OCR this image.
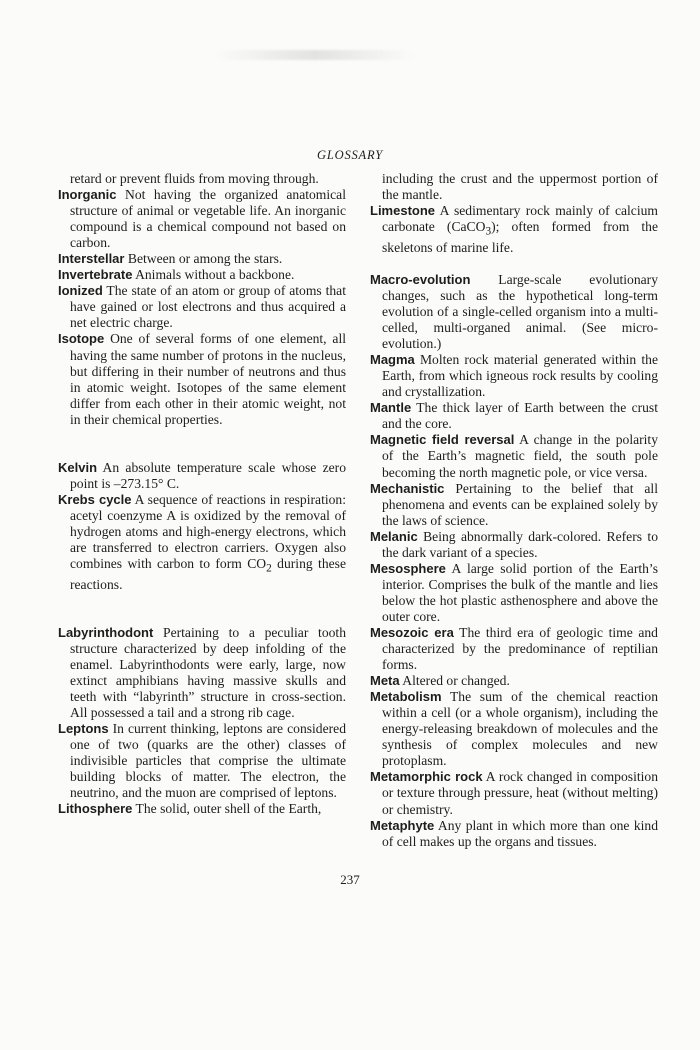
GLOSSARY
retard or prevent fluids from moving through.
Inorganic Not having the organized anatomical structure of animal or vegetable life. An inorganic compound is a chemical compound not based on carbon.
Interstellar Between or among the stars.
Invertebrate Animals without a backbone.
Ionized The state of an atom or group of atoms that have gained or lost electrons and thus acquired a net electric charge.
Isotope One of several forms of one element, all having the same number of protons in the nucleus, but differing in their number of neutrons and thus in atomic weight. Isotopes of the same element differ from each other in their atomic weight, not in their chemical properties.
Kelvin An absolute temperature scale whose zero point is –273.15° C.
Krebs cycle A sequence of reactions in respiration: acetyl coenzyme A is oxidized by the removal of hydrogen atoms and high-energy electrons, which are transferred to electron carriers. Oxygen also combines with carbon to form $CO_2$ during these reactions.
Labyrinthodont Pertaining to a peculiar tooth structure characterized by deep infolding of the enamel. Labyrinthodonts were early, large, now extinct amphibians having massive skulls and teeth with “labyrinth” structure in cross-section. All possessed a tail and a strong rib cage.
Leptons In current thinking, leptons are considered one of two (quarks are the other) classes of indivisible particles that comprise the ultimate building blocks of matter. The electron, the neutrino, and the muon are comprised of leptons.
Lithosphere The solid, outer shell of the Earth,
including the crust and the uppermost portion of the mantle.
Limestone A sedimentary rock mainly of calcium carbonate (CaCO$_3$); often formed from the skeletons of marine life.
Macro-evolution Large-scale evolutionary changes, such as the hypothetical long-term evolution of a single-celled organism into a multi-celled, multi-organed animal. (See micro-evolution.)
Magma Molten rock material generated within the Earth, from which igneous rock results by cooling and crystallization.
Mantle The thick layer of Earth between the crust and the core.
Magnetic field reversal A change in the polarity of the Earth’s magnetic field, the south pole becoming the north magnetic pole, or vice versa.
Mechanistic Pertaining to the belief that all phenomena and events can be explained solely by the laws of science.
Melanic Being abnormally dark-colored. Refers to the dark variant of a species.
Mesosphere A large solid portion of the Earth’s interior. Comprises the bulk of the mantle and lies below the hot plastic asthenosphere and above the outer core.
Mesozoic era The third era of geologic time and characterized by the predominance of reptilian forms.
Meta Altered or changed.
Metabolism The sum of the chemical reaction within a cell (or a whole organism), including the energy-releasing breakdown of molecules and the synthesis of complex molecules and new protoplasm.
Metamorphic rock A rock changed in composition or texture through pressure, heat (without melting) or chemistry.
Metaphyte Any plant in which more than one kind of cell makes up the organs and tissues.
237
